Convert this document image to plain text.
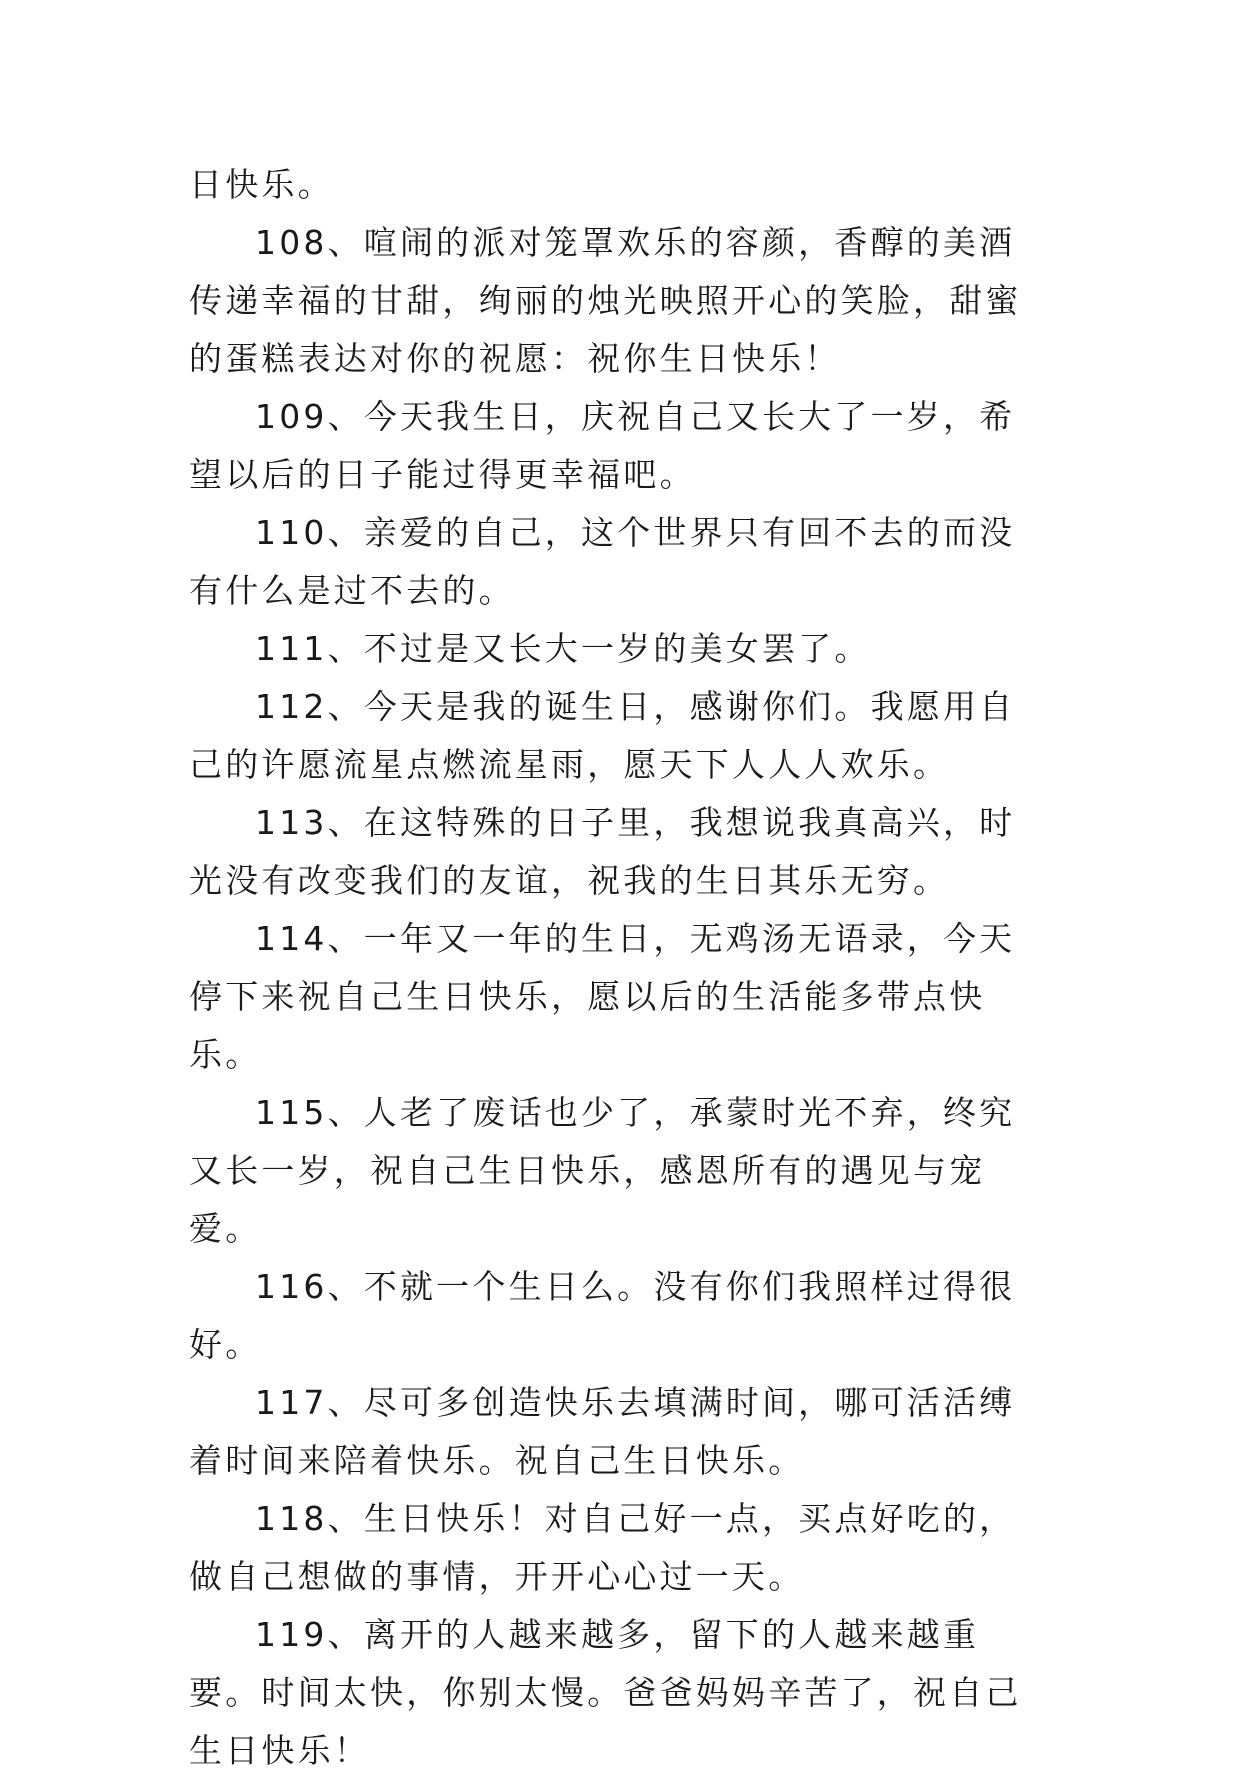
日快乐。

108、喧闹的派对笼罩欢乐的容颜，香醇的美酒传递幸福的甘甜，绚丽的烛光映照开心的笑脸，甜蜜的蛋糕表达对你的祝愿：祝你生日快乐！

109、今天我生日，庆祝自己又长大了一岁，希望以后的日子能过得更幸福吧。

110、亲爱的自己，这个世界只有回不去的而没有什么是过不去的。

111、不过是又长大一岁的美女罢了。

112、今天是我的诞生日，感谢你们。我愿用自己的许愿流星点燃流星雨，愿天下人人人欢乐。

113、在这特殊的日子里，我想说我真高兴，时光没有改变我们的友谊，祝我的生日其乐无穷。

114、一年又一年的生日，无鸡汤无语录，今天停下来祝自己生日快乐，愿以后的生活能多带点快乐。

115、人老了废话也少了，承蒙时光不弃，终究又长一岁，祝自己生日快乐，感恩所有的遇见与宠爱。

116、不就一个生日么。没有你们我照样过得很好。

117、尽可多创造快乐去填满时间，哪可活活缚着时间来陪着快乐。祝自己生日快乐。

118、生日快乐！对自己好一点，买点好吃的，做自己想做的事情，开开心心过一天。

119、离开的人越来越多，留下的人越来越重要。时间太快，你别太慢。爸爸妈妈辛苦了，祝自己生日快乐！
